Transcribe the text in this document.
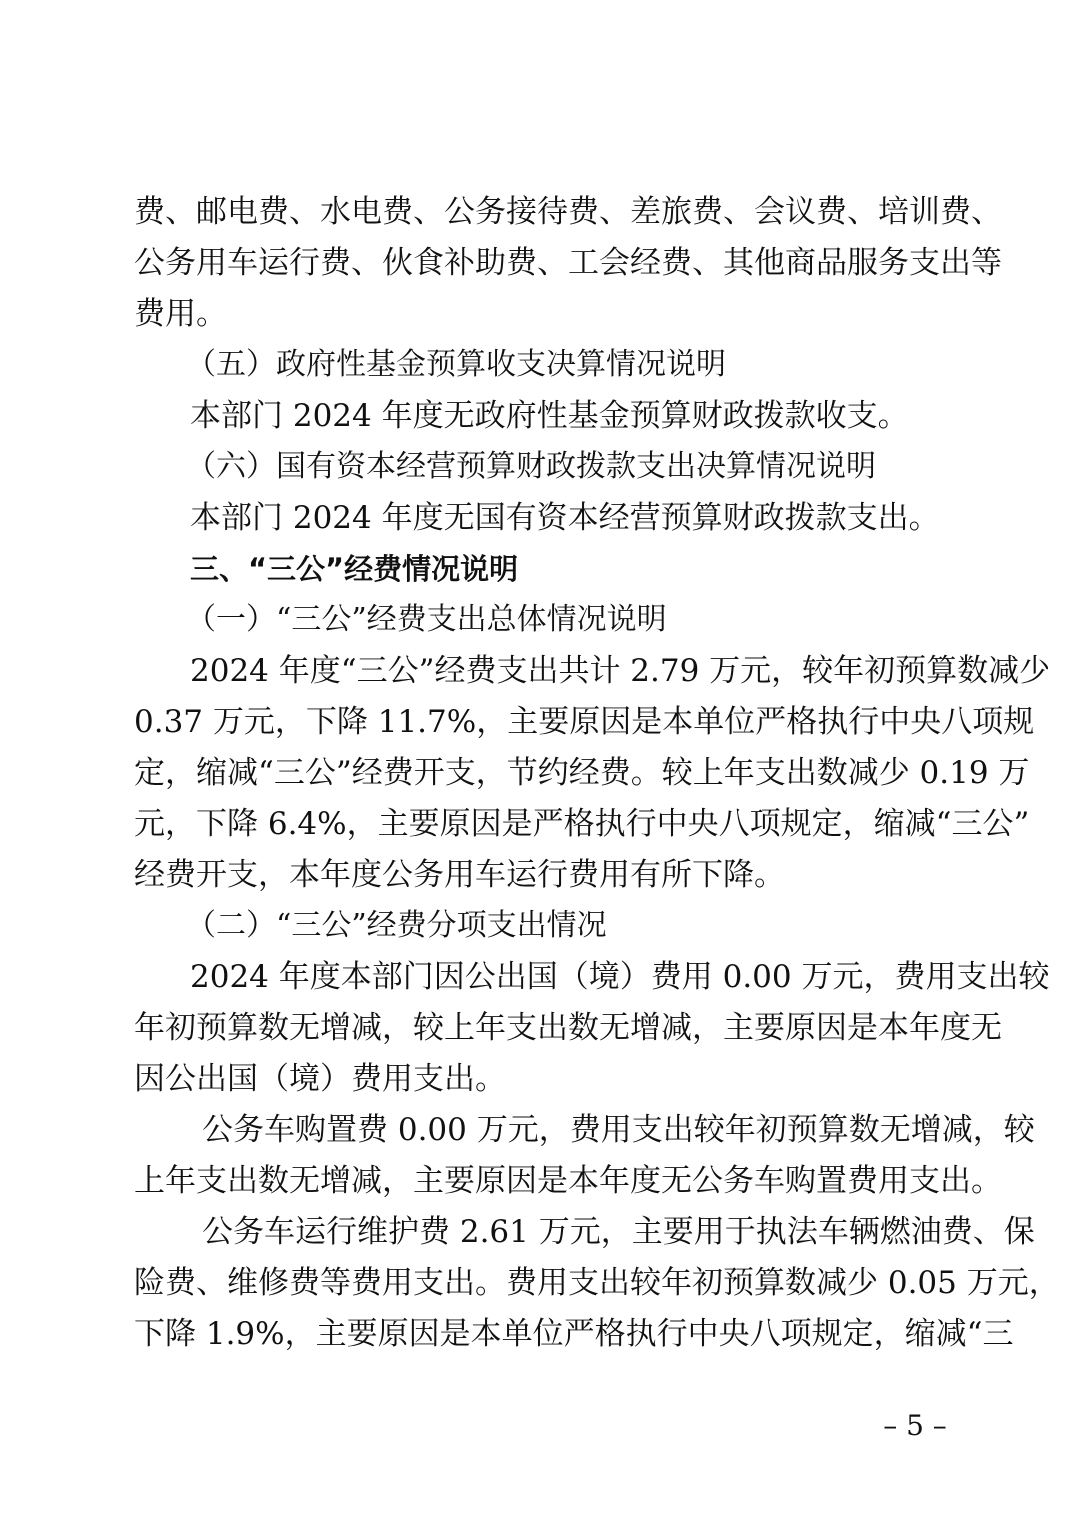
费、邮电费、水电费、公务接待费、差旅费、会议费、培训费、
公务用车运行费、伙食补助费、工会经费、其他商品服务支出等
费用。
（五）政府性基金预算收支决算情况说明
本部门 2024 年度无政府性基金预算财政拨款收支。
（六）国有资本经营预算财政拨款支出决算情况说明
本部门 2024 年度无国有资本经营预算财政拨款支出。
三、“三公”经费情况说明
（一）“三公”经费支出总体情况说明
2024 年度“三公”经费支出共计 2.79 万元，较年初预算数减少
0.37 万元，下降 11.7%，主要原因是本单位严格执行中央八项规
定，缩减“三公”经费开支，节约经费。较上年支出数减少 0.19 万
元，下降 6.4%，主要原因是严格执行中央八项规定，缩减“三公”
经费开支，本年度公务用车运行费用有所下降。
（二）“三公”经费分项支出情况
2024 年度本部门因公出国（境）费用 0.00 万元，费用支出较
年初预算数无增减，较上年支出数无增减，主要原因是本年度无
因公出国（境）费用支出。
公务车购置费 0.00 万元，费用支出较年初预算数无增减，较
上年支出数无增减，主要原因是本年度无公务车购置费用支出。
公务车运行维护费 2.61 万元，主要用于执法车辆燃油费、保
险费、维修费等费用支出。费用支出较年初预算数减少 0.05 万元，
下降 1.9%，主要原因是本单位严格执行中央八项规定，缩减“三
– 5 –
